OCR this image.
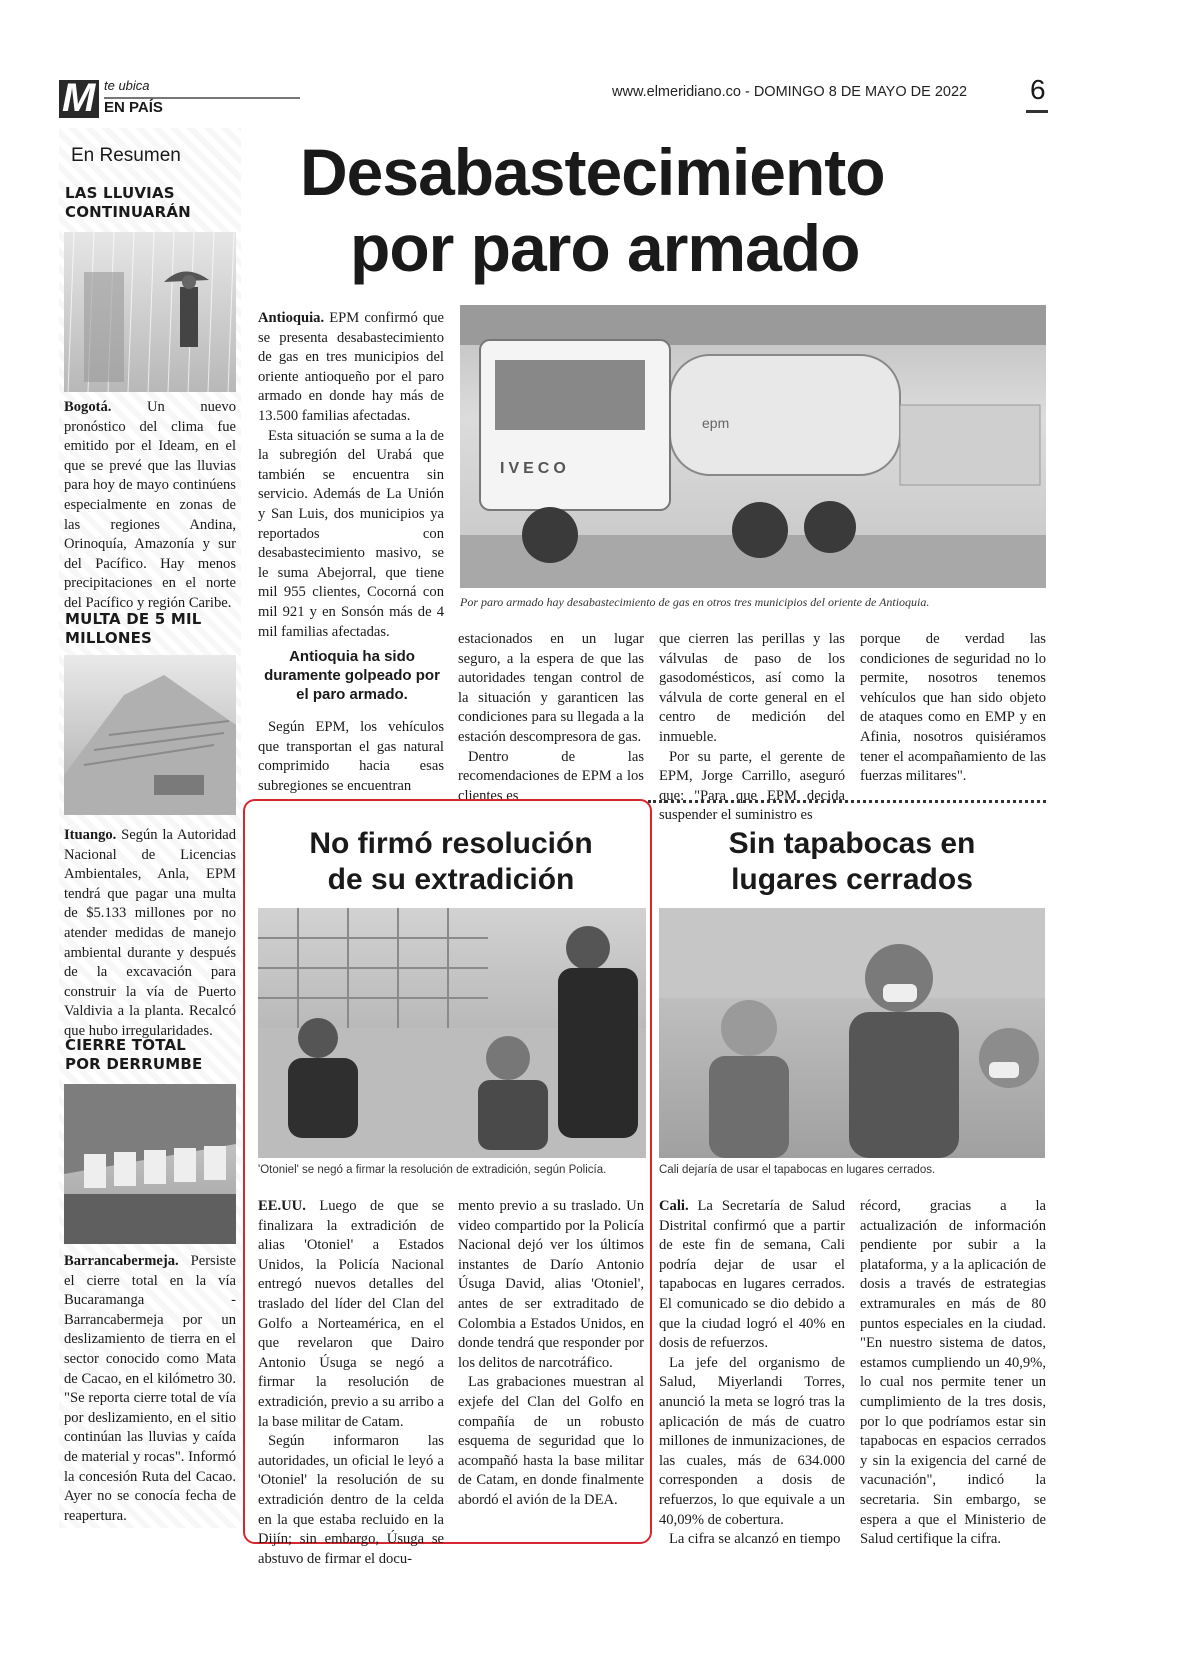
M te ubica
EN PAÍS
www.elmeridiano.co - DOMINGO 8 DE MAYO DE 2022 6
En Resumen
LAS LLUVIAS CONTINUARÁN

Bogotá. Un nuevo pronóstico del clima fue emitido por el Ideam, en el que se prevé que las lluvias para hoy de mayo continúens especialmente en zonas de las regiones Andina, Orinoquía, Amazonía y sur del Pacífico. Hay menos precipitaciones en el norte del Pacífico y región Caribe.

MULTA DE 5 MIL MILLONES

Ituango. Según la Autoridad Nacional de Licencias Ambientales, Anla, EPM tendrá que pagar una multa de $5.133 millones por no atender medidas de manejo ambiental durante y después de la excavación para construir la vía de Puerto Valdivia a la planta. Recalcó que hubo irregularidades.

CIERRE TOTAL POR DERRUMBE

Barrancabermeja. Persiste el cierre total en la vía Bucaramanga - Barrancabermeja por un deslizamiento de tierra en el sector conocido como Mata de Cacao, en el kilómetro 30. "Se reporta cierre total de vía por deslizamiento, en el sitio continúan las lluvias y caída de material y rocas". Informó la concesión Ruta del Cacao. Ayer no se conocía fecha de reapertura.

Desabastecimiento
por paro armado
IVECO
epm
Por paro armado hay desabastecimiento de gas en otros tres municipios del oriente de Antioquia.

Antioquia. EPM confirmó que se presenta desabastecimiento de gas en tres municipios del oriente antioqueño por el paro armado en donde hay más de 13.500 familias afectadas.

Esta situación se suma a la de la subregión del Urabá que también se encuentra sin servicio. Además de La Unión y San Luis, dos municipios ya reportados con desabastecimiento masivo, se le suma Abejorral, que tiene mil 955 clientes, Cocorná con mil 921 y en Sonsón más de 4 mil familias afectadas.

Antioquia ha sido duramente golpeado por el paro armado.

Según EPM, los vehículos que transportan el gas natural comprimido hacia esas subregiones se encuentran

estacionados en un lugar seguro, a la espera de que las autoridades tengan control de la situación y garanticen las condiciones para su llegada a la estación descompresora de gas.

Dentro de las recomendaciones de EPM a los clientes es

que cierren las perillas y las válvulas de paso de los gasodomésticos, así como la válvula de corte general en el centro de medición del inmueble.

Por su parte, el gerente de EPM, Jorge Carrillo, aseguró que: "Para que EPM decida suspender el suministro es

porque de verdad las condiciones de seguridad no lo permite, nosotros tenemos vehículos que han sido objeto de ataques como en EMP y en Afinia, nosotros quisiéramos tener el acompañamiento de las fuerzas militares".

No firmó resolución
de su extradición
'Otoniel' se negó a firmar la resolución de extradición, según Policía.

EE.UU. Luego de que se finalizara la extradición de alias 'Otoniel' a Estados Unidos, la Policía Nacional entregó nuevos detalles del traslado del líder del Clan del Golfo a Norteamérica, en el que revelaron que Dairo Antonio Úsuga se negó a firmar la resolución de extradición, previo a su arribo a la base militar de Catam.

Según informaron las autoridades, un oficial le leyó a 'Otoniel' la resolución de su extradición dentro de la celda en la que estaba recluido en la Dijín; sin embargo, Úsuga se abstuvo de firmar el docu-

mento previo a su traslado. Un video compartido por la Policía Nacional dejó ver los últimos instantes de Darío Antonio Úsuga David, alias 'Otoniel', antes de ser extraditado de Colombia a Estados Unidos, en donde tendrá que responder por los delitos de narcotráfico.

Las grabaciones muestran al exjefe del Clan del Golfo en compañía de un robusto esquema de seguridad que lo acompañó hasta la base militar de Catam, en donde finalmente abordó el avión de la DEA.

Sin tapabocas en
lugares cerrados
Cali dejaría de usar el tapabocas en lugares cerrados.

Cali. La Secretaría de Salud Distrital confirmó que a partir de este fin de semana, Cali podría dejar de usar el tapabocas en lugares cerrados. El comunicado se dio debido a que la ciudad logró el 40% en dosis de refuerzos.

La jefe del organismo de Salud, Miyerlandi Torres, anunció la meta se logró tras la aplicación de más de cuatro millones de inmunizaciones, de las cuales, más de 634.000 corresponden a dosis de refuerzos, lo que equivale a un 40,09% de cobertura.

La cifra se alcanzó en tiempo

récord, gracias a la actualización de información pendiente por subir a la plataforma, y a la aplicación de dosis a través de estrategias extramurales en más de 80 puntos especiales en la ciudad. "En nuestro sistema de datos, estamos cumpliendo un 40,9%, lo cual nos permite tener un cumplimiento de la tres dosis, por lo que podríamos estar sin tapabocas en espacios cerrados y sin la exigencia del carné de vacunación", indicó la secretaria. Sin embargo, se espera a que el Ministerio de Salud certifique la cifra.
